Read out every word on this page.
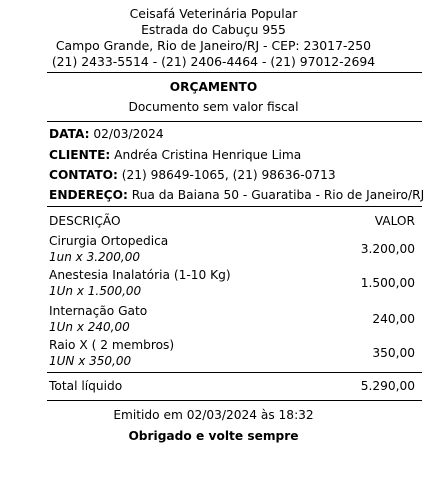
Ceisafá Veterinária Popular
Estrada do Cabuçu 955
Campo Grande, Rio de Janeiro/RJ - CEP: 23017-250
(21) 2433-5514 - (21) 2406-4464 - (21) 97012-2694
ORÇAMENTO
Documento sem valor fiscal
DATA: 02/03/2024
CLIENTE: Andréa Cristina Henrique Lima
CONTATO: (21) 98649-1065, (21) 98636-0713
ENDEREÇO: Rua da Baiana 50 - Guaratiba - Rio de Janeiro/RJ
DESCRIÇÃO	VALOR
Cirurgia Ortopedica
1un x 3.200,00
3.200,00
Anestesia Inalatória (1-10 Kg)
1Un x 1.500,00
1.500,00
Internação Gato
1Un x 240,00
240,00
Raio X ( 2 membros)
1UN x 350,00
350,00
Total líquido	5.290,00
Emitido em 02/03/2024 às 18:32
Obrigado e volte sempre
